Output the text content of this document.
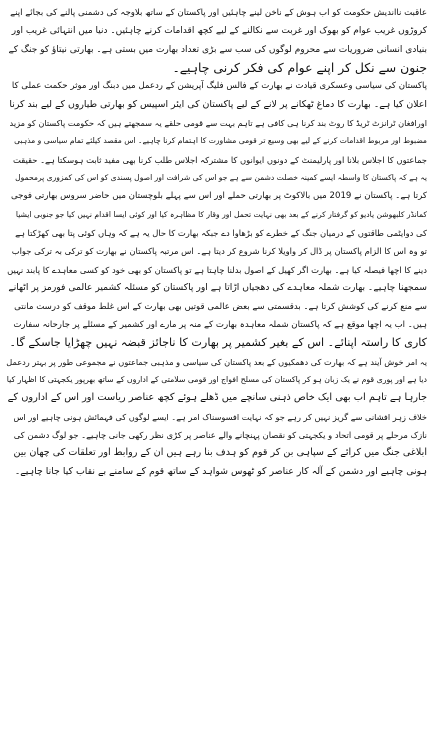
عاقبت نااندیش حکومت کو اب ہوش کے ناخن لینے چاہئیں اور پاکستان کے ساتھ بلاوجہ کی دشمنی پالنے کی بجائے اپنے
کروڑوں غریب عوام کو بھوک اور غربت سے نکالنے کے لیے کچھ اقدامات کرنے چاہئیں۔ دنیا میں انتہائی غریب اور
بنیادی انسانی ضروریات سے محروم لوگوں کی سب سے بڑی تعداد بھارت میں بستی ہے۔ بھارتی نیتاؤ کو جنگ کے
جنون سے نکل کر اپنے عوام کی فکر کرنی چاہیے۔
پاکستان کی سیاسی وعسکری قیادت نے بھارت کے فالس فلیگ آپریشن کے ردعمل میں دبنگ اور موثر حکمت عملی کا
اعلان کیا ہے۔ بھارت کا دماغ ٹھکانے پر لانے کے لیے پاکستان کی ایئر اسپیس کو بھارتی طیاروں کے لیے بند کرنا
اورافغان ٹرانزٹ ٹریڈ کا روٹ بند کرنا ہی کافی ہے تاہم بہت سے قومی حلقے یہ سمجھتے ہیں کہ حکومت پاکستان کو مزید
مضبوط اور مربوط اقدامات کرنے کے لیے بھی وسیع تر قومی مشاورت کا اہتمام کرنا چاہیے۔ اس مقصد کیلئے تمام سیاسی و مذہبی
جماعتوں کا اجلاس بلانا اور پارلیمنٹ کے دونوں ایوانوں کا مشترکہ اجلاس طلب کرنا بھی مفید ثابت ہوسکتا ہے۔ حقیقت
یہ ہے کہ پاکستان کا واسطہ ایسے کمینہ خصلت دشمن سے ہے جو اس کی شرافت اور اصول پسندی کو اس کی کمزوری پرمحمول
کرتا ہے۔ پاکستان نے 2019 میں بالاکوٹ پر بھارتی حملے اور اس سے پہلے بلوچستان میں حاضر سروس بھارتی فوجی
کمانڈر کلبھوشن یادیو کو گرفتار کرنے کے بعد بھی نہایت تحمل اور وقار کا مظاہرہ کیا اور کوئی ایسا اقدام نہیں کیا جو جنوبی ایشیا
کی دوایٹمی طاقتوں کے درمیان جنگ کے خطرے کو بڑھاوا دے جبکہ بھارت کا حال یہ ہے کہ وہاں کوئی پتا بھی کھڑکتا ہے
تو وہ اس کا الزام پاکستان پر ڈال کر واویلا کرنا شروع کر دیتا ہے۔ اس مرتبہ پاکستان نے بھارت کو ترکی بہ ترکی جواب
دینے کا اچھا فیصلہ کیا ہے۔ بھارت اگر کھیل کے اصول بدلنا چاہتا ہے تو پاکستان کو بھی خود کو کسی معاہدے کا پابند نہیں
سمجھنا چاہیے۔ بھارت شملہ معاہدے کی دھجیاں اڑاتا ہے اور پاکستان کو مسئلہ کشمیر عالمی فورمز پر اٹھانے
سے منع کرنے کی کوشش کرتا ہے۔ بدقسمتی سے بعض عالمی قوتیں بھی بھارت کے اس غلط موقف کو درست مانتی
ہیں۔ اب یہ اچھا موقع ہے کہ پاکستان شملہ معاہدہ بھارت کے منہ پر مارے اور کشمیر کے مسئلے پر جارحانہ سفارت
کاری کا راستہ اپنائے۔ اس کے بغیر کشمیر پر بھارت کا ناجائز قبضہ نہیں چھڑایا جاسکے گا۔
یہ امر خوش آیند ہے کہ بھارت کی دھمکیوں کے بعد پاکستان کی سیاسی و مذہبی جماعتوں نے مجموعی طور پر بہتر ردعمل
دیا ہے اور پوری قوم نے یک زبان ہو کر پاکستان کی مسلح افواج اور قومی سلامتی کے اداروں کے ساتھ بھرپور یکجہتی کا اظہار کیا
جارہا ہے تاہم اب بھی ایک خاص ذہنی سانچے میں ڈھلے ہوئے کچھ عناصر ریاست اور اس کے اداروں کے
خلاف زہر افشانی سے گریز نہیں کر رہے جو کہ نہایت افسوسناک امر ہے۔ ایسے لوگوں کی فہمائش ہونی چاہیے اور اس
نازک مرحلے پر قومی اتحاد و یکجہتی کو نقصان پہنچانے والے عناصر پر کڑی نظر رکھی جانی چاہیے۔ جو لوگ دشمن کی
ابلاغی جنگ میں کرائے کے سپاہی بن کر قوم کو ہدف بنا رہے ہیں ان کے روابط اور تعلقات کی چھان بین
ہونی چاہیے اور دشمن کے آلہ کار عناصر کو ٹھوس شواہد کے ساتھ قوم کے سامنے بے نقاب کیا جانا چاہیے۔
